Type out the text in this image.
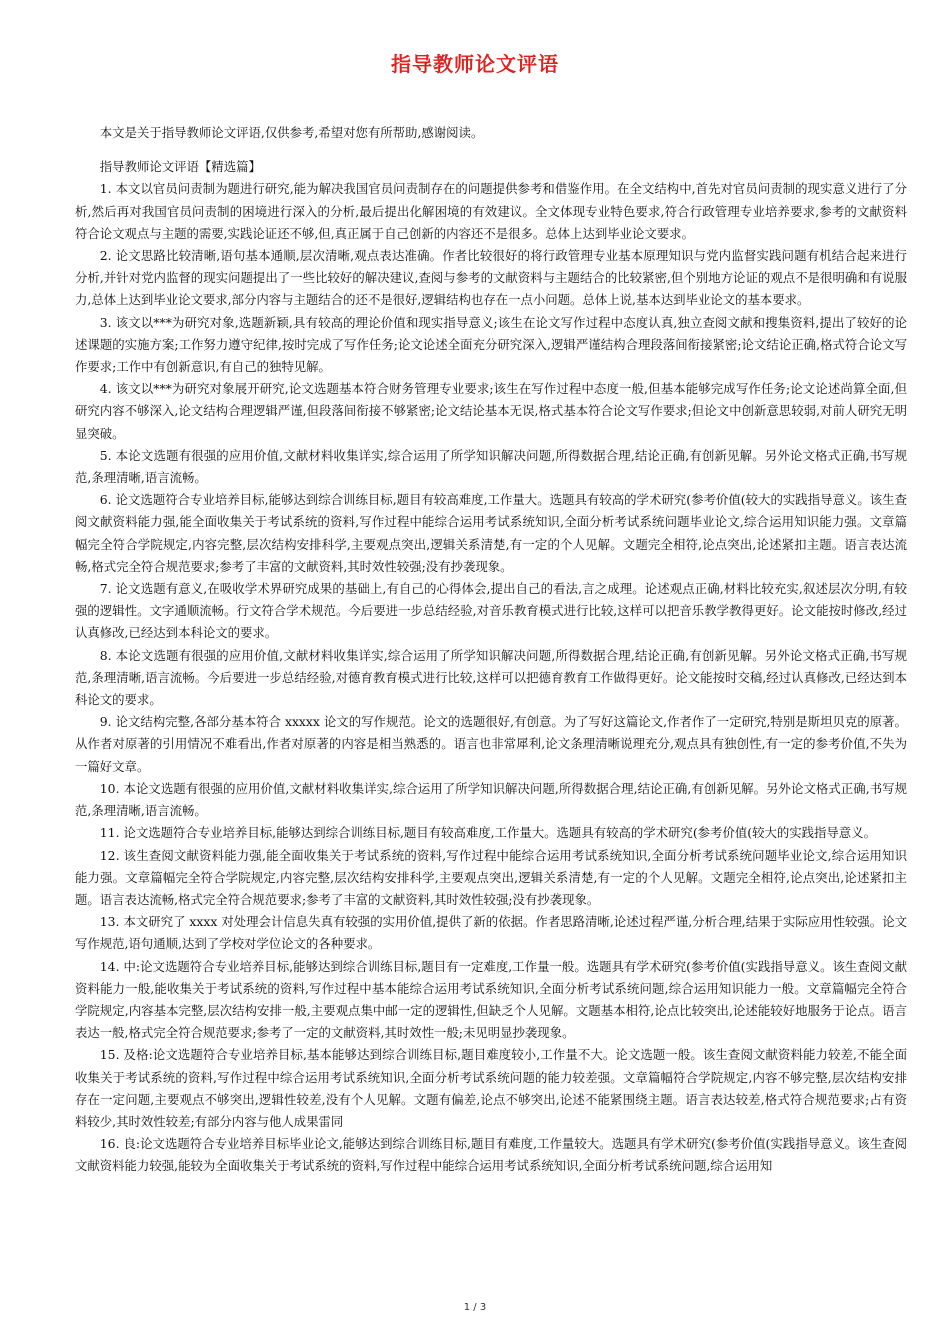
指导教师论文评语

本文是关于指导教师论文评语,仅供参考,希望对您有所帮助,感谢阅读。

指导教师论文评语【精选篇】

1. 本文以官员问责制为题进行研究,能为解决我国官员问责制存在的问题提供参考和借鉴作用。在全文结构中,首先对官员问责制的现实意义进行了分析,然后再对我国官员问责制的困境进行深入的分析,最后提出化解困境的有效建议。全文体现专业特色要求,符合行政管理专业培养要求,参考的文献资料符合论文观点与主题的需要,实践论证还不够,但,真正属于自己创新的内容还不是很多。总体上达到毕业论文要求。

2. 论文思路比较清晰,语句基本通顺,层次清晰,观点表达准确。作者比较很好的将行政管理专业基本原理知识与党内监督实践问题有机结合起来进行分析,并针对党内监督的现实问题提出了一些比较好的解决建议,查阅与参考的文献资料与主题结合的比较紧密,但个别地方论证的观点不是很明确和有说服力,总体上达到毕业论文要求,部分内容与主题结合的还不是很好,逻辑结构也存在一点小问题。总体上说,基本达到毕业论文的基本要求。

3. 该文以***为研究对象,选题新颖,具有较高的理论价值和现实指导意义;该生在论文写作过程中态度认真,独立查阅文献和搜集资料,提出了较好的论述课题的实施方案;工作努力遵守纪律,按时完成了写作任务;论文论述全面充分研究深入,逻辑严谨结构合理段落间衔接紧密;论文结论正确,格式符合论文写作要求;工作中有创新意识,有自己的独特见解。

4. 该文以***为研究对象展开研究,论文选题基本符合财务管理专业要求;该生在写作过程中态度一般,但基本能够完成写作任务;论文论述尚算全面,但研究内容不够深入,论文结构合理逻辑严谨,但段落间衔接不够紧密;论文结论基本无误,格式基本符合论文写作要求;但论文中创新意思较弱,对前人研究无明显突破。

5. 本论文选题有很强的应用价值,文献材料收集详实,综合运用了所学知识解决问题,所得数据合理,结论正确,有创新见解。另外论文格式正确,书写规范,条理清晰,语言流畅。

6. 论文选题符合专业培养目标,能够达到综合训练目标,题目有较高难度,工作量大。选题具有较高的学术研究(参考价值(较大的实践指导意义。该生查阅文献资料能力强,能全面收集关于考试系统的资料,写作过程中能综合运用考试系统知识,全面分析考试系统问题毕业论文,综合运用知识能力强。文章篇幅完全符合学院规定,内容完整,层次结构安排科学,主要观点突出,逻辑关系清楚,有一定的个人见解。文题完全相符,论点突出,论述紧扣主题。语言表达流畅,格式完全符合规范要求;参考了丰富的文献资料,其时效性较强;没有抄袭现象。

7. 论文选题有意义,在吸收学术界研究成果的基础上,有自己的心得体会,提出自己的看法,言之成理。论述观点正确,材料比较充实,叙述层次分明,有较强的逻辑性。文字通顺流畅。行文符合学术规范。今后要进一步总结经验,对音乐教育模式进行比较,这样可以把音乐教学教得更好。论文能按时修改,经过认真修改,已经达到本科论文的要求。

8. 本论文选题有很强的应用价值,文献材料收集详实,综合运用了所学知识解决问题,所得数据合理,结论正确,有创新见解。另外论文格式正确,书写规范,条理清晰,语言流畅。今后要进一步总结经验,对德育教育模式进行比较,这样可以把德育教育工作做得更好。论文能按时交稿,经过认真修改,已经达到本科论文的要求。

9. 论文结构完整,各部分基本符合 xxxxx 论文的写作规范。论文的选题很好,有创意。为了写好这篇论文,作者作了一定研究,特别是斯坦贝克的原著。从作者对原著的引用情况不难看出,作者对原著的内容是相当熟悉的。语言也非常犀利,论文条理清晰说理充分,观点具有独创性,有一定的参考价值,不失为一篇好文章。

10. 本论文选题有很强的应用价值,文献材料收集详实,综合运用了所学知识解决问题,所得数据合理,结论正确,有创新见解。另外论文格式正确,书写规范,条理清晰,语言流畅。

11. 论文选题符合专业培养目标,能够达到综合训练目标,题目有较高难度,工作量大。选题具有较高的学术研究(参考价值(较大的实践指导意义。

12. 该生查阅文献资料能力强,能全面收集关于考试系统的资料,写作过程中能综合运用考试系统知识,全面分析考试系统问题毕业论文,综合运用知识能力强。文章篇幅完全符合学院规定,内容完整,层次结构安排科学,主要观点突出,逻辑关系清楚,有一定的个人见解。文题完全相符,论点突出,论述紧扣主题。语言表达流畅,格式完全符合规范要求;参考了丰富的文献资料,其时效性较强;没有抄袭现象。

13. 本文研究了 xxxx 对处理会计信息失真有较强的实用价值,提供了新的依据。作者思路清晰,论述过程严谨,分析合理,结果于实际应用性较强。论文写作规范,语句通顺,达到了学校对学位论文的各种要求。

14. 中:论文选题符合专业培养目标,能够达到综合训练目标,题目有一定难度,工作量一般。选题具有学术研究(参考价值(实践指导意义。该生查阅文献资料能力一般,能收集关于考试系统的资料,写作过程中基本能综合运用考试系统知识,全面分析考试系统问题,综合运用知识能力一般。文章篇幅完全符合学院规定,内容基本完整,层次结构安排一般,主要观点集中邮一定的逻辑性,但缺乏个人见解。文题基本相符,论点比较突出,论述能较好地服务于论点。语言表达一般,格式完全符合规范要求;参考了一定的文献资料,其时效性一般;未见明显抄袭现象。

15. 及格:论文选题符合专业培养目标,基本能够达到综合训练目标,题目难度较小,工作量不大。论文选题一般。该生查阅文献资料能力较差,不能全面收集关于考试系统的资料,写作过程中综合运用考试系统知识,全面分析考试系统问题的能力较差强。文章篇幅符合学院规定,内容不够完整,层次结构安排存在一定问题,主要观点不够突出,逻辑性较差,没有个人见解。文题有偏差,论点不够突出,论述不能紧围绕主题。语言表达较差,格式符合规范要求;占有资料较少,其时效性较差;有部分内容与他人成果雷同

16. 良:论文选题符合专业培养目标毕业论文,能够达到综合训练目标,题目有难度,工作量较大。选题具有学术研究(参考价值(实践指导意义。该生查阅文献资料能力较强,能较为全面收集关于考试系统的资料,写作过程中能综合运用考试系统知识,全面分析考试系统问题,综合运用知

1 / 3
